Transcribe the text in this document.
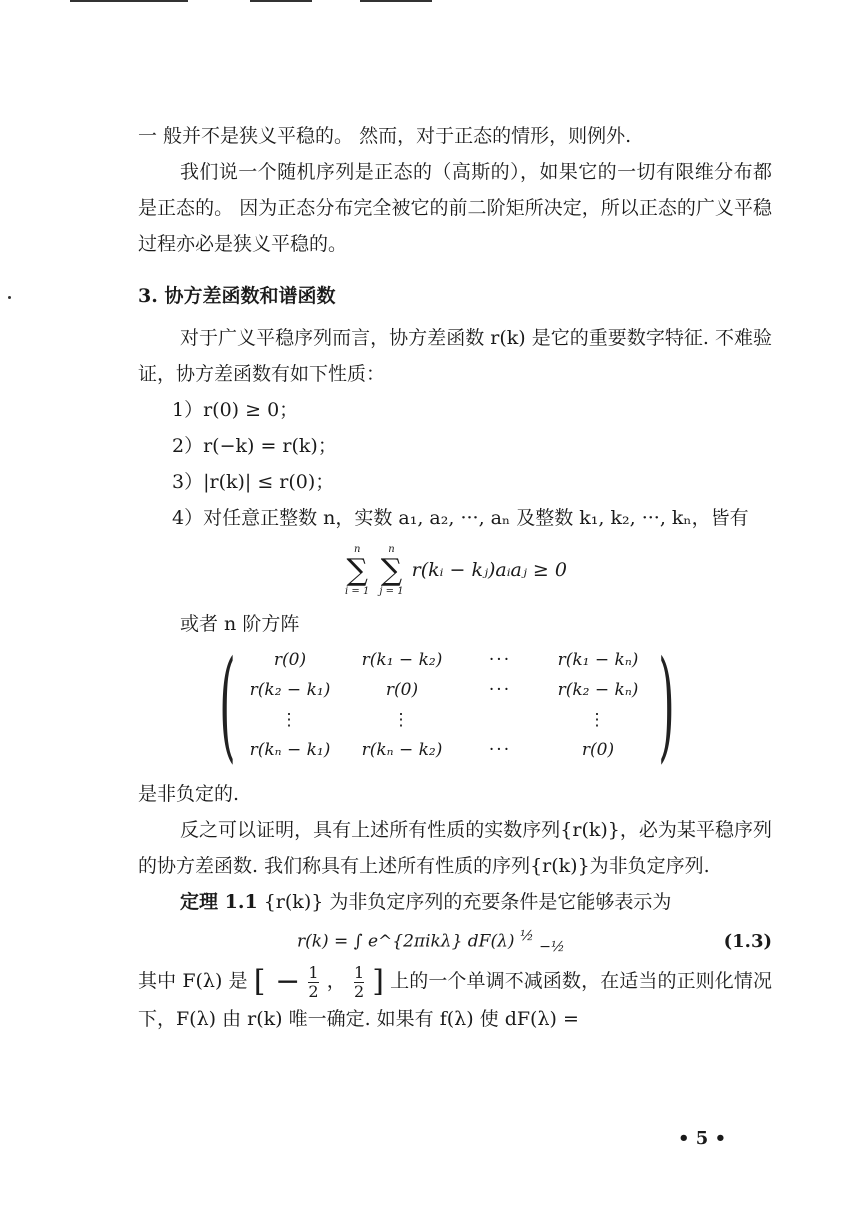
一 般并不是狭义平稳的。 然而，对于正态的情形，则例外.

我们说一个随机序列是正态的（高斯的），如果它的一切有限维分布都是正态的。 因为正态分布完全被它的前二阶矩所决定，所以正态的广义平稳过程亦必是狭义平稳的。

3. 协方差函数和谱函数

对于广义平稳序列而言，协方差函数 r(k) 是它的重要数字特征. 不难验证，协方差函数有如下性质：

1）r(0) ≥ 0；

2）r(−k) = r(k)；

3）|r(k)| ≤ r(0)；

4）对任意正整数 n，实数 a₁, a₂, ···, aₙ 及整数 k₁, k₂, ···, kₙ，皆有

n
∑
i = 1

n
∑
j = 1
r(kᵢ − kⱼ)aᵢaⱼ ≥ 0

或者 n 阶方阵

(	r(0)	r(k₁ − k₂)	···	r(k₁ − kₙ)
r(k₂ − k₁)	r(0)	···	r(k₂ − kₙ)
⋮	⋮	⋮
r(kₙ − k₁)	r(kₙ − k₂)	···	r(0) )

是非负定的.

反之可以证明，具有上述所有性质的实数序列{r(k)}，必为某平稳序列的协方差函数. 我们称具有上述所有性质的序列{r(k)}为非负定序列.

定理 1.1 {r(k)} 为非负定序列的充要条件是它能够表示为

r(k) = ∫ e^{2πikλ} dF(λ) $^{\frac{1}{2}}$ $_{-\frac{1}{2}}$	(1.3)

其中 F(λ) 是 [ − $\frac{1}{2}$ ， $\frac{1}{2}$ ] 上的一个单调不减函数，在适当的正则化情况下，F(λ) 由 r(k) 唯一确定. 如果有 f(λ) 使 dF(λ) =

• 5 •
